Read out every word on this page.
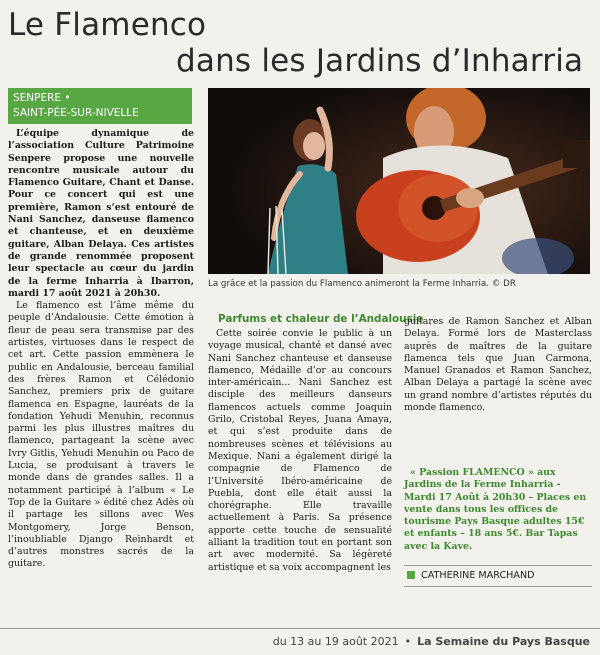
Le Flamenco
dans les Jardins d’Inharria
SENPERE •
SAINT-PÉE-SUR-NIVELLE

L’équipe dynamique de l’association Culture Patrimoine Senpere propose une nouvelle rencontre musicale autour du Flamenco Guitare, Chant et Danse. Pour ce concert qui est une première, Ramon s’est entouré de Nani Sanchez, danseuse flamenco et chanteuse, et en deuxième guitare, Alban Delaya. Ces artistes de grande renommée proposent leur spectacle au cœur du jardin de la ferme Inharria à Ibarron, mardi 17 août 2021 à 20h30.

Le flamenco est l’âme même du peuple d’Andalousie. Cette émotion à fleur de peau sera transmise par des artistes, virtuoses dans le respect de cet art. Cette passion emmènera le public en Andalousie, berceau familial des frères Ramon et Célédonio Sanchez, premiers prix de guitare flamenca en Espagne, lauréats de la fondation Yehudi Menuhin, reconnus parmi les plus illustres maîtres du flamenco, partageant la scène avec Ivry Gitlis, Yehudi Menuhin ou Paco de Lucia, se produisant à travers le monde dans de grandes salles. Il a notamment participé à l’album « Le Top de la Guitare » édité chez Adès où il partage les sillons avec Wes Montgomery, Jorge Benson, l’inoubliable Django Reinhardt et d’autres monstres sacrés de la guitare.

La grâce et la passion du Flamenco animeront la Ferme Inharria. © DR
Parfums et chaleur de l’Andalousie

Cette soirée convie le public à un voyage musical, chanté et dansé avec Nani Sanchez chanteuse et danseuse flamenco, Médaille d’or au concours inter-américain... Nani Sanchez est disciple des meilleurs danseurs flamencos actuels comme Joaquin Grilo, Cristobal Reyes, Juana Amaya, et qui s’est produite dans de nombreuses scènes et télévisions au Mexique. Nani a également dirigé la compagnie de Flamenco de l’Université Ibéro-américaine de Puebla, dont elle était aussi la chorégraphe. Elle travaille actuellement à Paris. Sa présence apporte cette touche de sensualité alliant la tradition tout en portant son art avec modernité. Sa légèreté artistique et sa voix accompagnent les

guitares de Ramon Sanchez et Alban Delaya. Formé lors de Masterclass auprès de maîtres de la guitare flamenca tels que Juan Carmona, Manuel Granados et Ramon Sanchez, Alban Delaya a partagé la scène avec un grand nombre d’artistes réputés du monde flamenco.

« Passion FLAMENCO » aux Jardins de la Ferme Inharria - Mardi 17 Août à 20h30 – Places en vente dans tous les offices de tourisme Pays Basque adultes 15€ et enfants – 18 ans 5€. Bar Tapas avec la Kave.
CATHERINE MARCHAND
du 13 au 19 août 2021 • La Semaine du Pays Basque
